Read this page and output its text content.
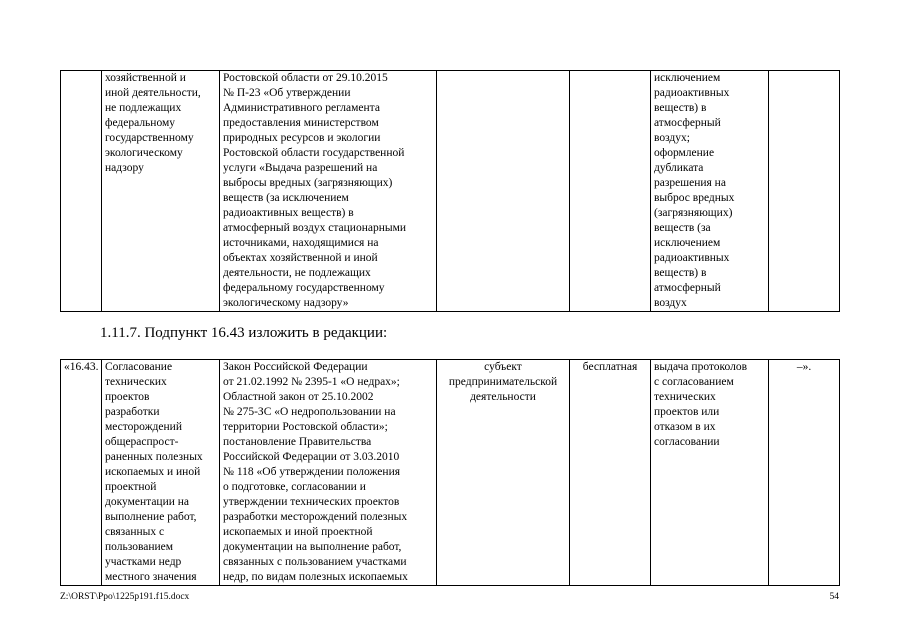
	хозяйственной и
иной деятельности,
не подлежащих
федеральному
государственному
экологическому
надзору	Ростовской области от 29.10.2015
№ П-23 «Об утверждении
Административного регламента
предоставления министерством
природных ресурсов и экологии
Ростовской области государственной
услуги «Выдача разрешений на
выбросы вредных (загрязняющих)
веществ (за исключением
радиоактивных веществ) в
атмосферный воздух стационарными
источниками, находящимися на
объектах хозяйственной и иной
деятельности, не подлежащих
федеральному государственному
экологическому надзору»			исключением
радиоактивных
веществ) в
атмосферный
воздух;
оформление
дубликата
разрешения на
выброс вредных
(загрязняющих)
веществ (за
исключением
радиоактивных
веществ) в
атмосферный
воздух	
1.11.7. Подпункт 16.43 изложить в редакции:
«16.43.	Согласование
технических
проектов
разработки
месторождений
общераспрост-
раненных полезных
ископаемых и иной
проектной
документации на
выполнение работ,
связанных с
пользованием
участками недр
местного значения	Закон Российской Федерации
от 21.02.1992 № 2395-1 «О недрах»;
Областной закон от 25.10.2002
№ 275-ЗС «О недропользовании на
территории Ростовской области»;
постановление Правительства
Российской Федерации от 3.03.2010
№ 118 «Об утверждении положения
о подготовке, согласовании и
утверждении технических проектов
разработки месторождений полезных
ископаемых и иной проектной
документации на выполнение работ,
связанных с пользованием участками
недр, по видам полезных ископаемых	субъект
предпринимательской
деятельности	бесплатная	выдача протоколов
с согласованием
технических
проектов или
отказом в их
согласовании	–».
Z:\ORST\Ppo\1225p191.f15.docx	54
